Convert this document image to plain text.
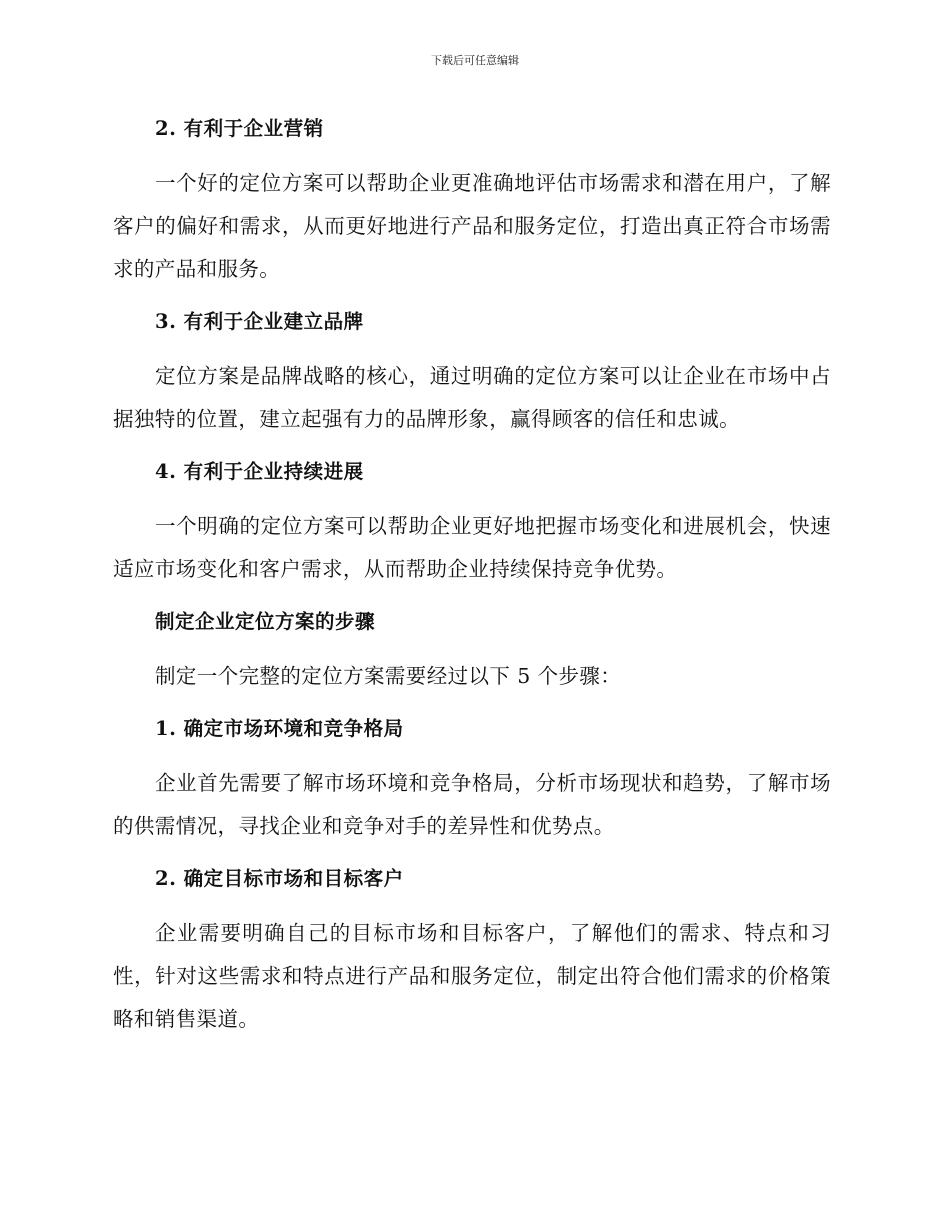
下载后可任意编辑
2. 有利于企业营销

一个好的定位方案可以帮助企业更准确地评估市场需求和潜在用户，了解客户的偏好和需求，从而更好地进行产品和服务定位，打造出真正符合市场需求的产品和服务。

3. 有利于企业建立品牌

定位方案是品牌战略的核心，通过明确的定位方案可以让企业在市场中占据独特的位置，建立起强有力的品牌形象，赢得顾客的信任和忠诚。

4. 有利于企业持续进展

一个明确的定位方案可以帮助企业更好地把握市场变化和进展机会，快速适应市场变化和客户需求，从而帮助企业持续保持竞争优势。

制定企业定位方案的步骤

制定一个完整的定位方案需要经过以下 5 个步骤：

1. 确定市场环境和竞争格局

企业首先需要了解市场环境和竞争格局，分析市场现状和趋势，了解市场的供需情况，寻找企业和竞争对手的差异性和优势点。

2. 确定目标市场和目标客户

企业需要明确自己的目标市场和目标客户，了解他们的需求、特点和习性，针对这些需求和特点进行产品和服务定位，制定出符合他们需求的价格策略和销售渠道。
